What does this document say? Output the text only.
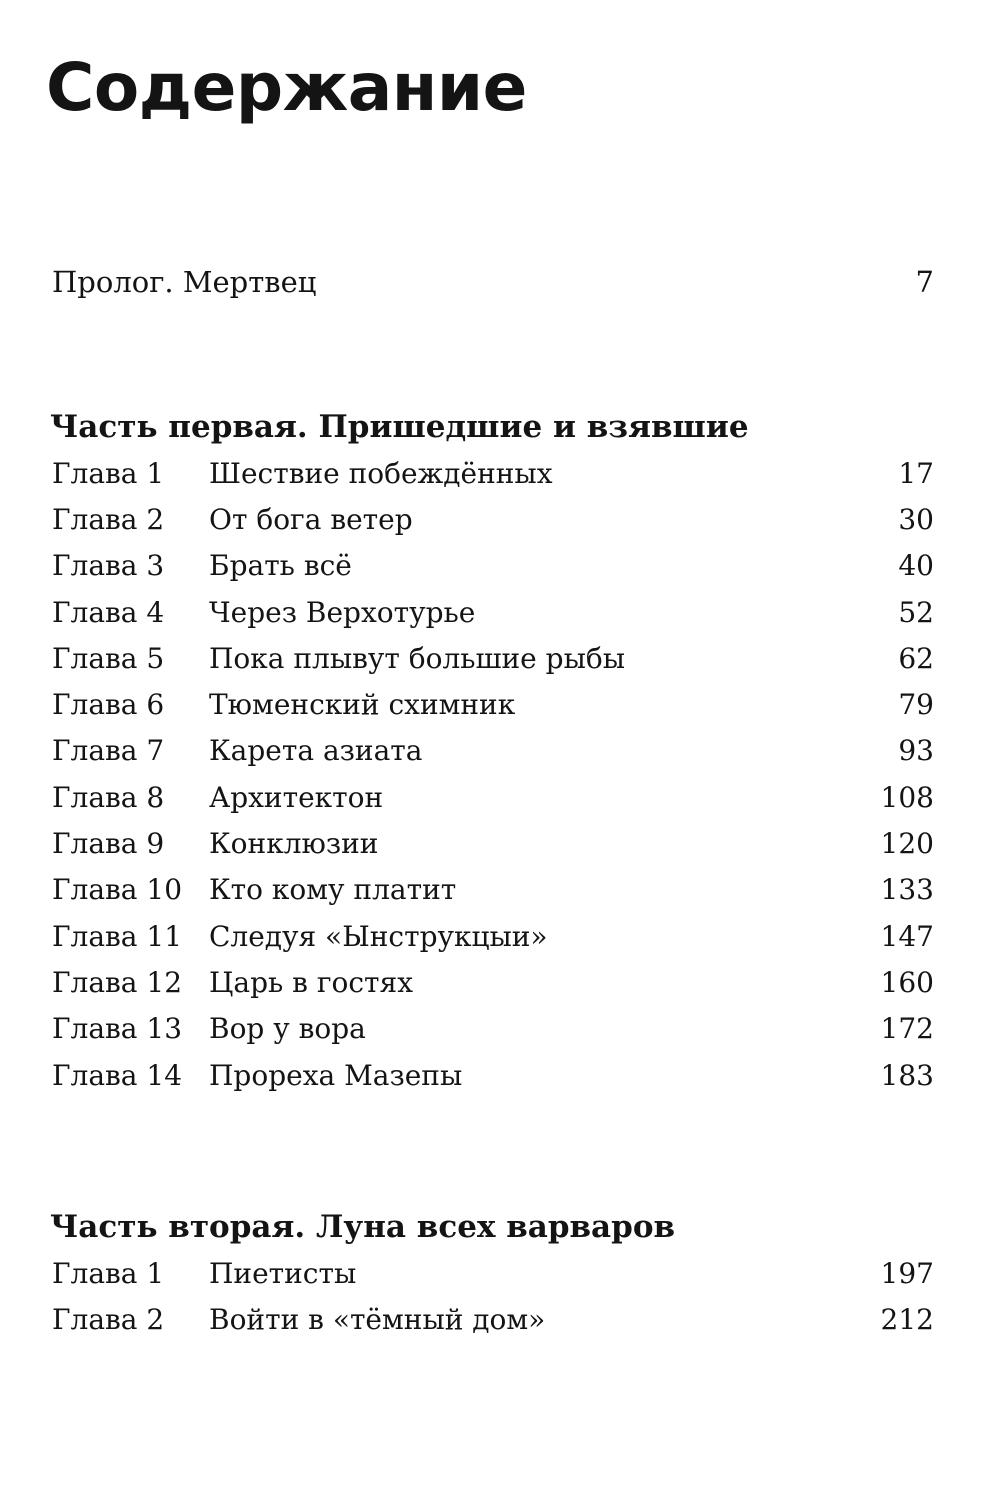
Содержание
Пролог. Мертвец	7
Часть первая. Пришедшие и взявшие
Глава 1	Шествие побеждённых	17
Глава 2	От бога ветер	30
Глава 3	Брать всё	40
Глава 4	Через Верхотурье	52
Глава 5	Пока плывут большие рыбы	62
Глава 6	Тюменский схимник	79
Глава 7	Карета азиата	93
Глава 8	Архитектон	108
Глава 9	Конклюзии	120
Глава 10 Кто кому платит	133
Глава 11 Следуя «Ынструкцыи»	147
Глава 12 Царь в гостях	160
Глава 13 Вор у вора	172
Глава 14 Прореха Мазепы	183
Часть вторая. Луна всех варваров
Глава 1	Пиетисты	197
Глава 2	Войти в «тёмный дом»	212
